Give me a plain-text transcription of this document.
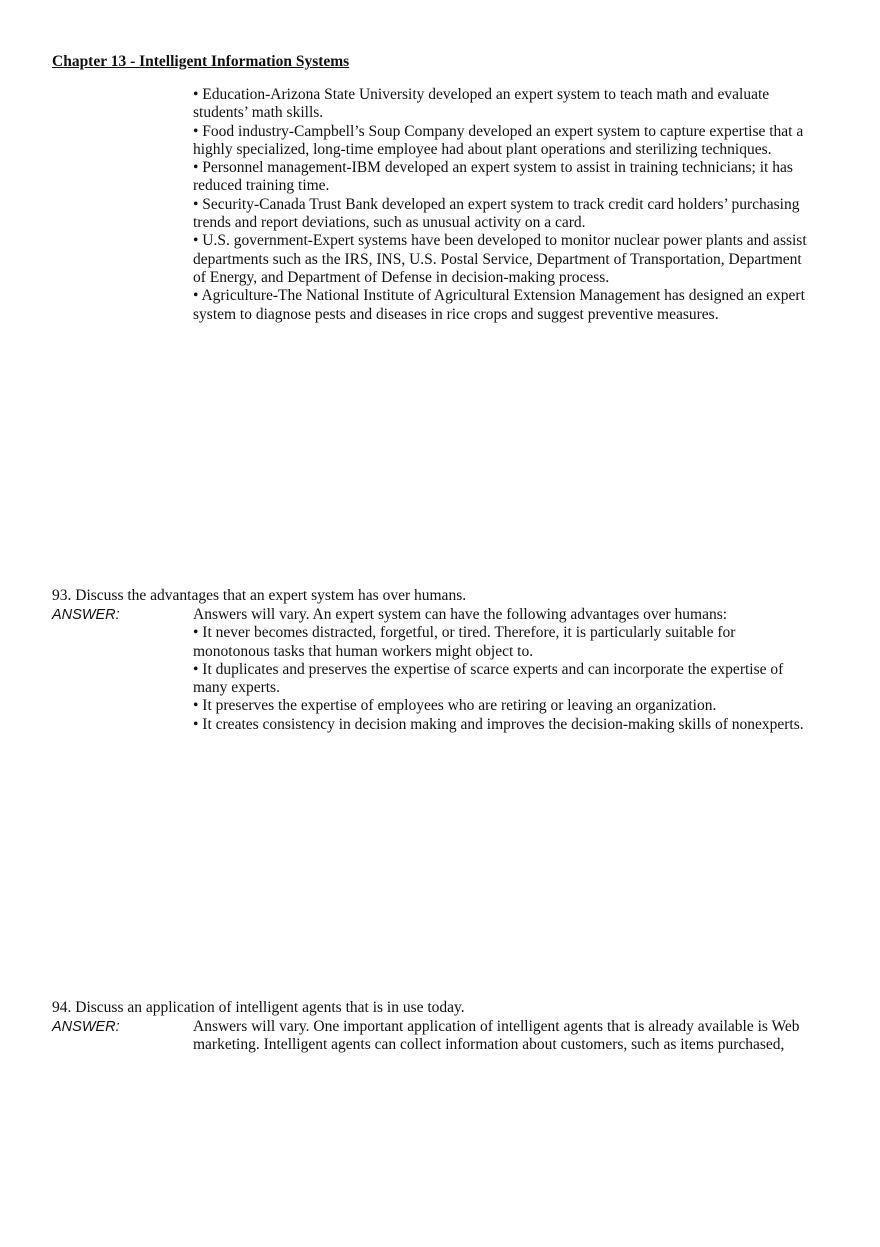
Chapter 13 - Intelligent Information Systems
• Education-Arizona State University developed an expert system to teach math and evaluate
students’ math skills.
• Food industry-Campbell’s Soup Company developed an expert system to capture expertise that a
highly specialized, long-time employee had about plant operations and sterilizing techniques.
• Personnel management-IBM developed an expert system to assist in training technicians; it has
reduced training time.
• Security-Canada Trust Bank developed an expert system to track credit card holders’ purchasing
trends and report deviations, such as unusual activity on a card.
• U.S. government-Expert systems have been developed to monitor nuclear power plants and assist
departments such as the IRS, INS, U.S. Postal Service, Department of Transportation, Department
of Energy, and Department of Defense in decision-making process.
• Agriculture-The National Institute of Agricultural Extension Management has designed an expert
system to diagnose pests and diseases in rice crops and suggest preventive measures.
93. Discuss the advantages that an expert system has over humans.
ANSWER:	Answers will vary. An expert system can have the following advantages over humans:
• It never becomes distracted, forgetful, or tired. Therefore, it is particularly suitable for
monotonous tasks that human workers might object to.
• It duplicates and preserves the expertise of scarce experts and can incorporate the expertise of
many experts.
• It preserves the expertise of employees who are retiring or leaving an organization.
• It creates consistency in decision making and improves the decision-making skills of nonexperts.
94. Discuss an application of intelligent agents that is in use today.
ANSWER:	Answers will vary. One important application of intelligent agents that is already available is Web
marketing. Intelligent agents can collect information about customers, such as items purchased,
